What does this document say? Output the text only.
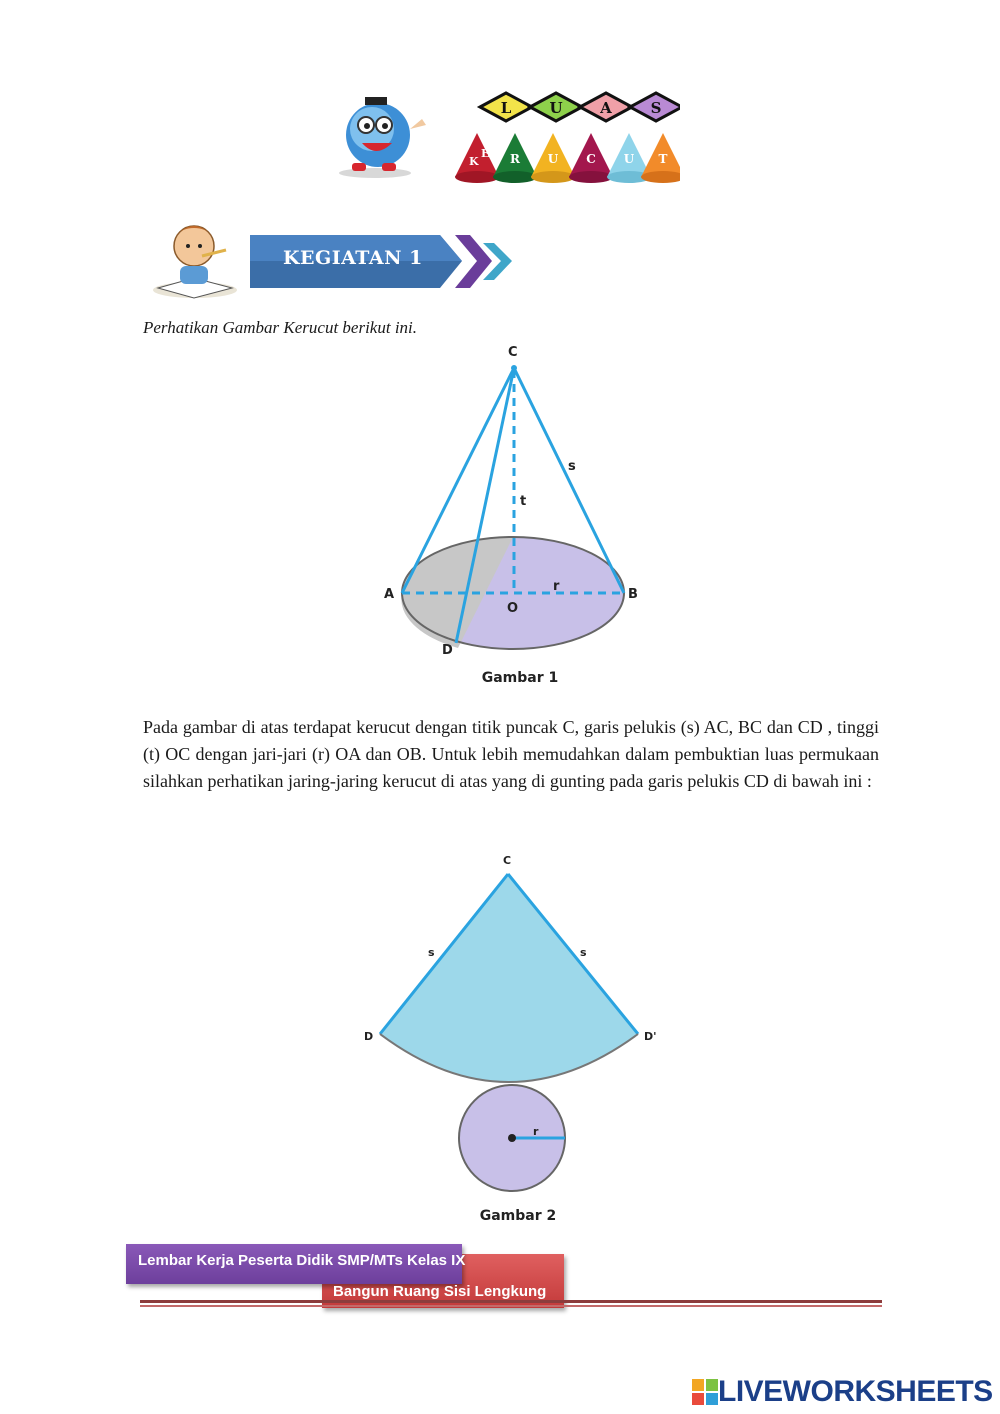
L	U	A	S
K
E R U C U T
KEGIATAN 1
Perhatikan Gambar Kerucut berikut ini.
C
s
t
r
A	B
O
D
Gambar 1
Pada gambar di atas terdapat kerucut dengan titik puncak C, garis pelukis (s) AC, BC dan CD , tinggi (t) OC dengan jari-jari (r) OA dan OB. Untuk lebih memudahkan dalam pembuktian luas permukaan silahkan perhatikan jaring-jaring kerucut di atas yang di gunting pada garis pelukis CD di bawah ini :
C
s	s
D	D'
r
Gambar 2
Lembar Kerja Peserta Didik SMP/MTs Kelas IX
Bangun Ruang Sisi Lengkung
LIVEWORKSHEETS
